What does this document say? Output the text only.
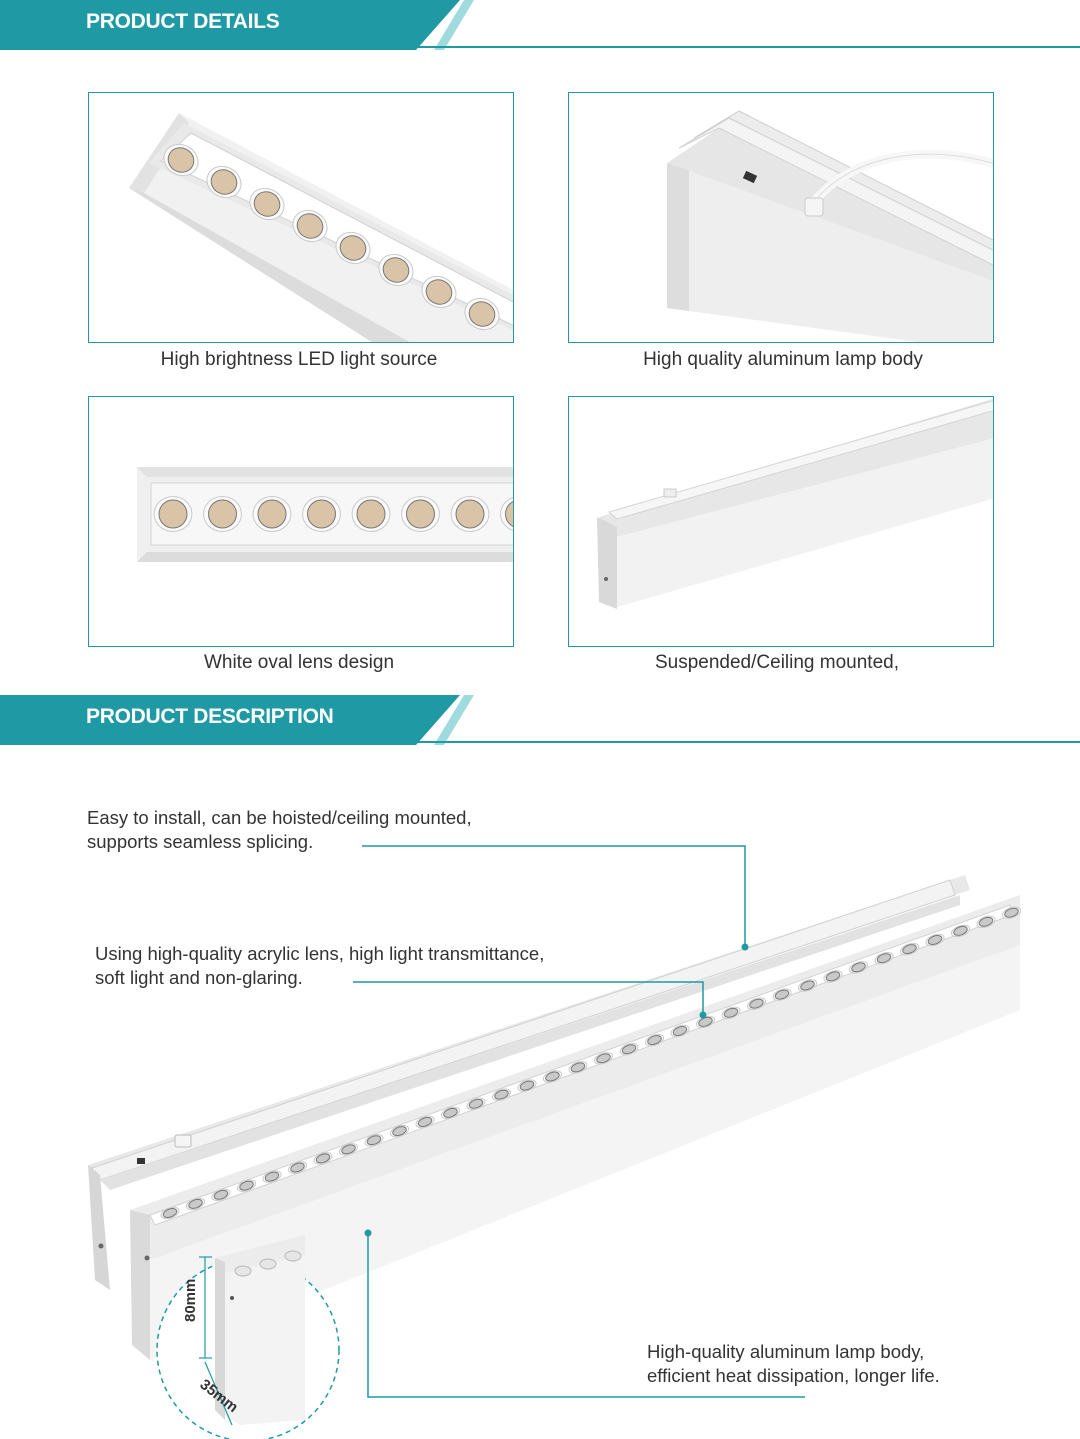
PRODUCT DETAILS
High brightness LED light source	High quality aluminum lamp body
White oval lens design	Suspended/Ceiling mounted,
PRODUCT DESCRIPTION
80mm
35mm
Easy to install, can be hoisted/ceiling mounted,
supports seamless splicing.
Using high-quality acrylic lens, high light transmittance,
soft light and non-glaring.
High-quality aluminum lamp body,
efficient heat dissipation, longer life.
